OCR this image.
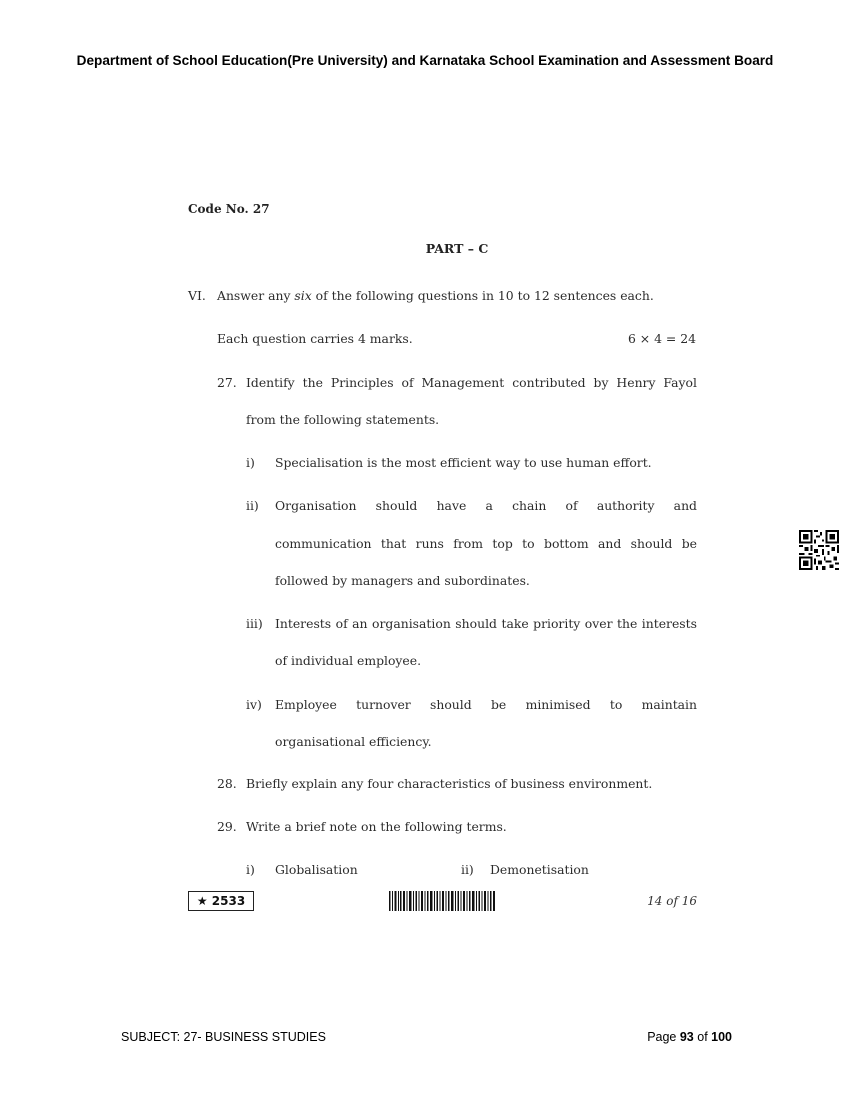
Department of School Education(Pre University) and Karnataka School Examination and Assessment Board
Code No. 27
PART – C
VI. Answer any six of the following questions in 10 to 12 sentences each.
Each question carries 4 marks.	6 × 4 = 24
27. Identify the Principles of Management contributed by Henry Fayol
from the following statements.
i) Specialisation is the most efficient way to use human effort.
ii) Organisation should have a chain of authority and
communication that runs from top to bottom and should be
followed by managers and subordinates.
iii) Interests of an organisation should take priority over the interests
of individual employee.
iv) Employee turnover should be minimised to maintain
organisational efficiency.
28. Briefly explain any four characteristics of business environment.
29. Write a brief note on the following terms.
i) Globalisation	ii) Demonetisation
★ 2533	14 of 16
SUBJECT: 27- BUSINESS STUDIES	Page 93 of 100
